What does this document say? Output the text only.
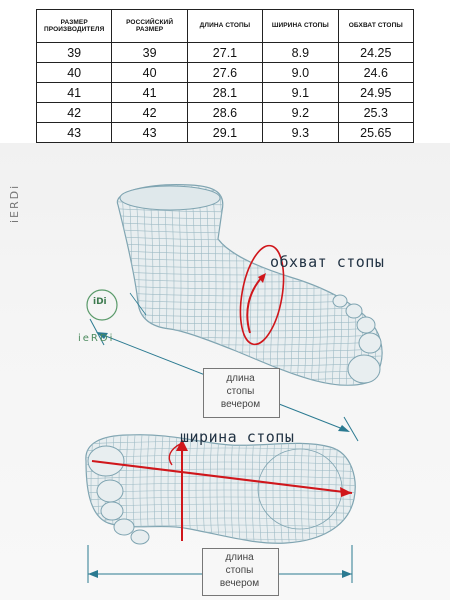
РАЗМЕР ПРОИЗВОДИТЕЛЯ	РОССИЙСКИЙ РАЗМЕР	ДЛИНА СТОПЫ	ШИРИНА СТОПЫ	ОБХВАТ СТОПЫ
39	39	27.1	8.9	24.25
40	40	27.6	9.0	24.6
41	41	28.1	9.1	24.95
42	42	28.6	9.2	25.3
43	43	29.1	9.3	25.65

длина
стопы
вечером
длина
стопы
вечером
обхват стопы
ширина стопы
iERDi
iDi
ieRDi
